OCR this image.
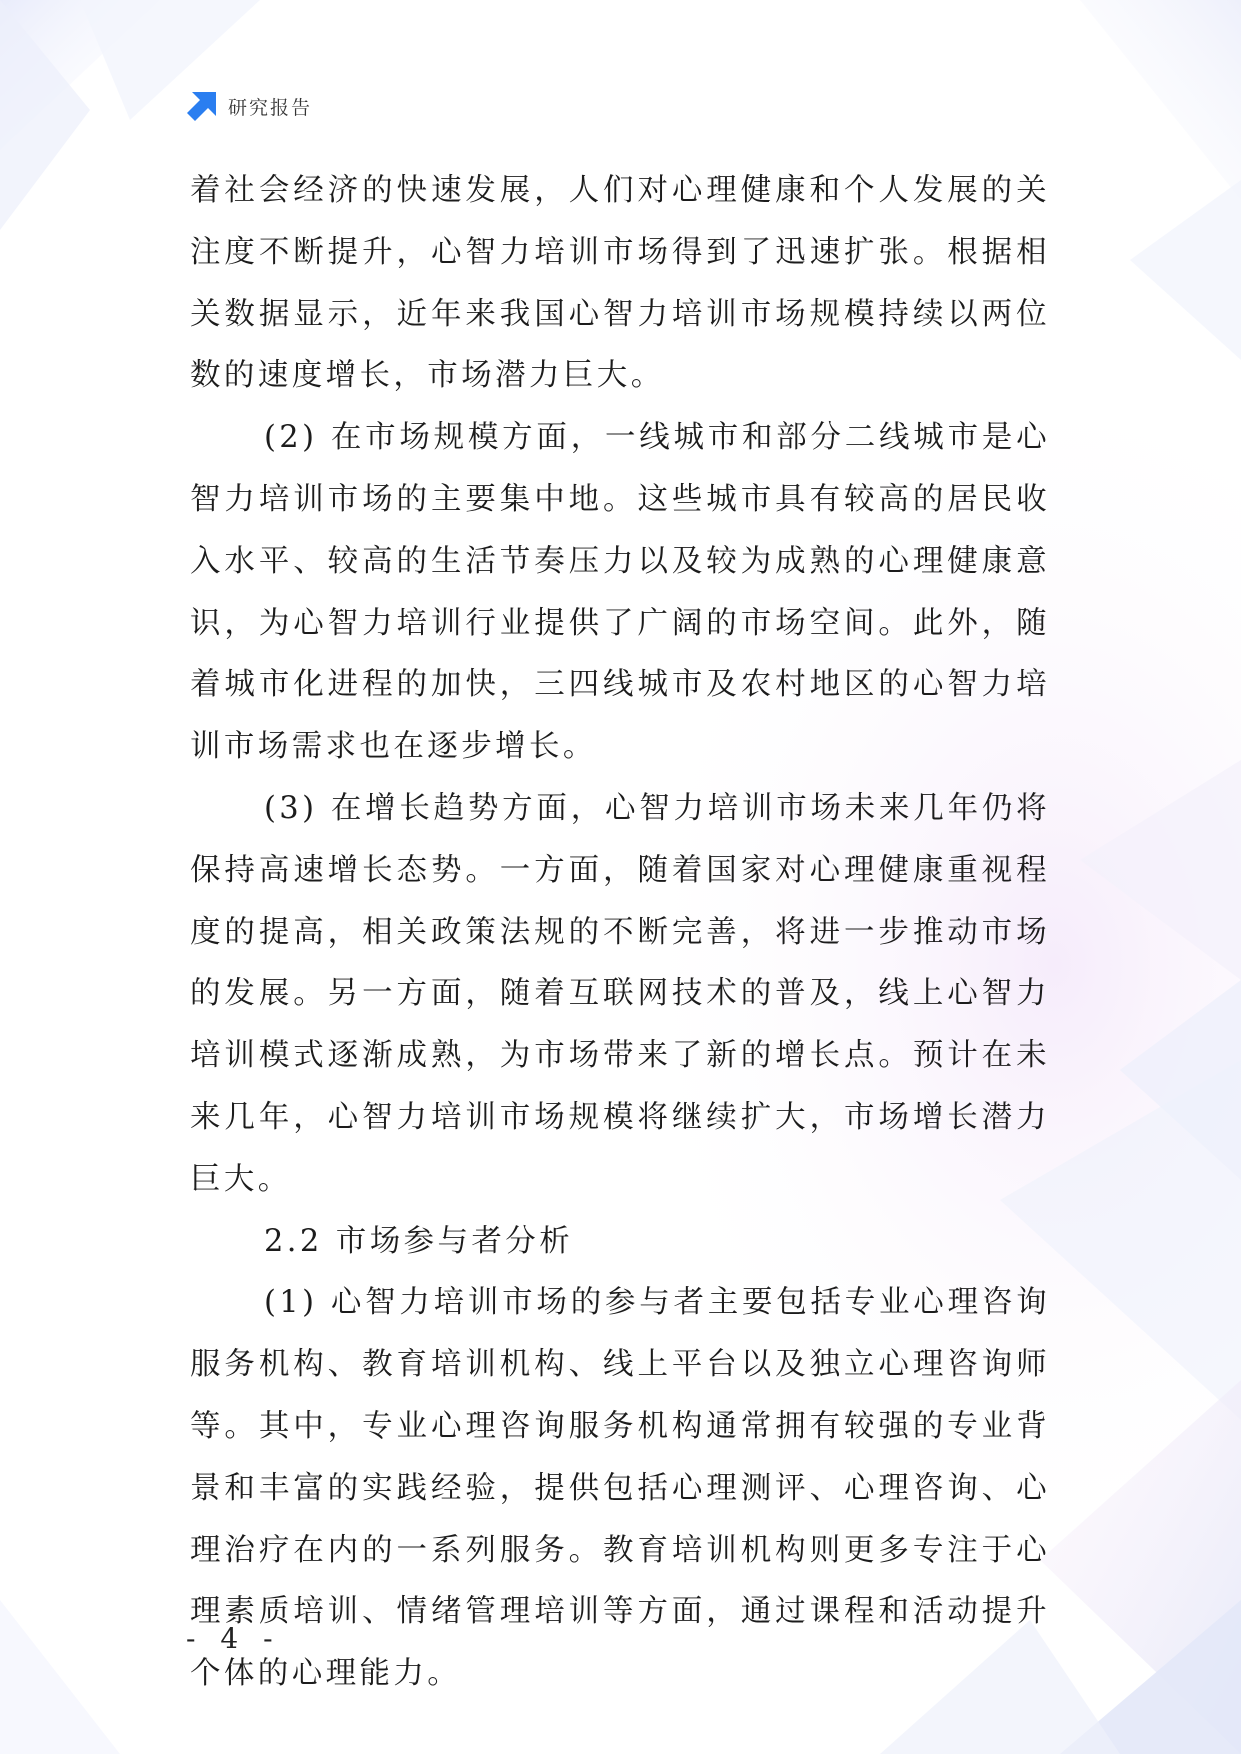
研究报告

着社会经济的快速发展，人们对心理健康和个人发展的关注度不断提升，心智力培训市场得到了迅速扩张。根据相关数据显示，近年来我国心智力培训市场规模持续以两位数的速度增长，市场潜力巨大。

(2) 在市场规模方面，一线城市和部分二线城市是心智力培训市场的主要集中地。这些城市具有较高的居民收入水平、较高的生活节奏压力以及较为成熟的心理健康意识，为心智力培训行业提供了广阔的市场空间。此外，随着城市化进程的加快，三四线城市及农村地区的心智力培训市场需求也在逐步增长。

(3) 在增长趋势方面，心智力培训市场未来几年仍将保持高速增长态势。一方面，随着国家对心理健康重视程度的提高，相关政策法规的不断完善，将进一步推动市场的发展。另一方面，随着互联网技术的普及，线上心智力培训模式逐渐成熟，为市场带来了新的增长点。预计在未来几年，心智力培训市场规模将继续扩大，市场增长潜力巨大。

2.2 市场参与者分析

(1) 心智力培训市场的参与者主要包括专业心理咨询服务机构、教育培训机构、线上平台以及独立心理咨询师等。其中，专业心理咨询服务机构通常拥有较强的专业背景和丰富的实践经验，提供包括心理测评、心理咨询、心理治疗在内的一系列服务。教育培训机构则更多专注于心理素质培训、情绪管理培训等方面，通过课程和活动提升个体的心理能力。

- 4 -
